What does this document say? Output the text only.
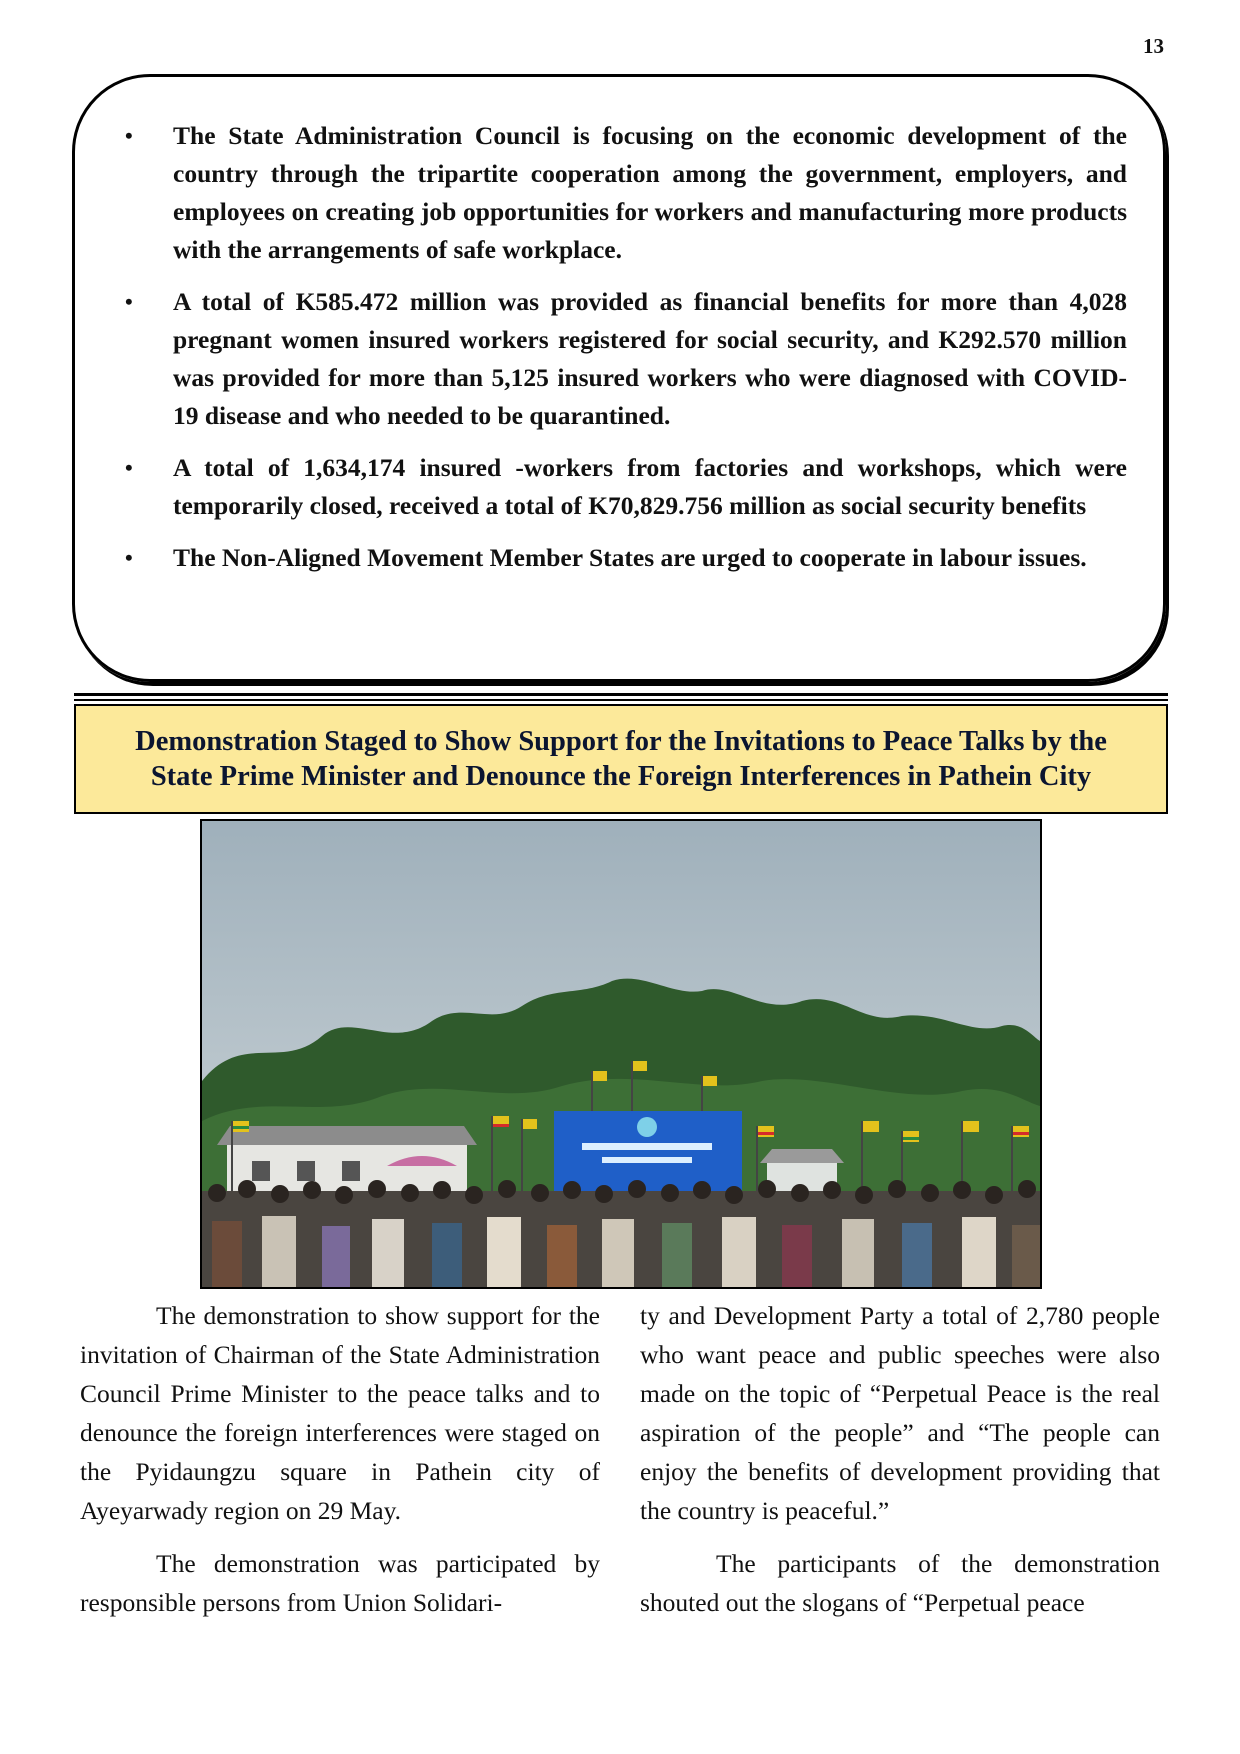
13
• The State Administration Council is focusing on the economic development of the country through the tripartite cooperation among the government, employers, and employees on creating job opportunities for workers and manufacturing more products with the arrangements of safe workplace.
• A total of K585.472 million was provided as financial benefits for more than 4,028 pregnant women insured workers registered for social security, and K292.570 million was provided for more than 5,125 insured workers who were diagnosed with COVID-19 disease and who needed to be quarantined.
• A total of 1,634,174 insured -workers from factories and workshops, which were temporarily closed, received a total of K70,829.756 million as social security benefits
• The Non-Aligned Movement Member States are urged to cooperate in labour issues.
Demonstration Staged to Show Support for the Invitations to Peace Talks by the
State Prime Minister and Denounce the Foreign Interferences in Pathein City

The demonstration to show support for the invitation of Chairman of the State Administration Council Prime Minister to the peace talks and to denounce the foreign interferences were staged on the Pyidaungzu square in Pathein city of Ayeyarwady region on 29 May.

The demonstration was participated by responsible persons from Union Solidari-

ty and Development Party a total of 2,780 people who want peace and public speeches were also made on the topic of “Perpetual Peace is the real aspiration of the people” and “The people can enjoy the benefits of development providing that the country is peaceful.”

The participants of the demonstration shouted out the slogans of “Perpetual peace
